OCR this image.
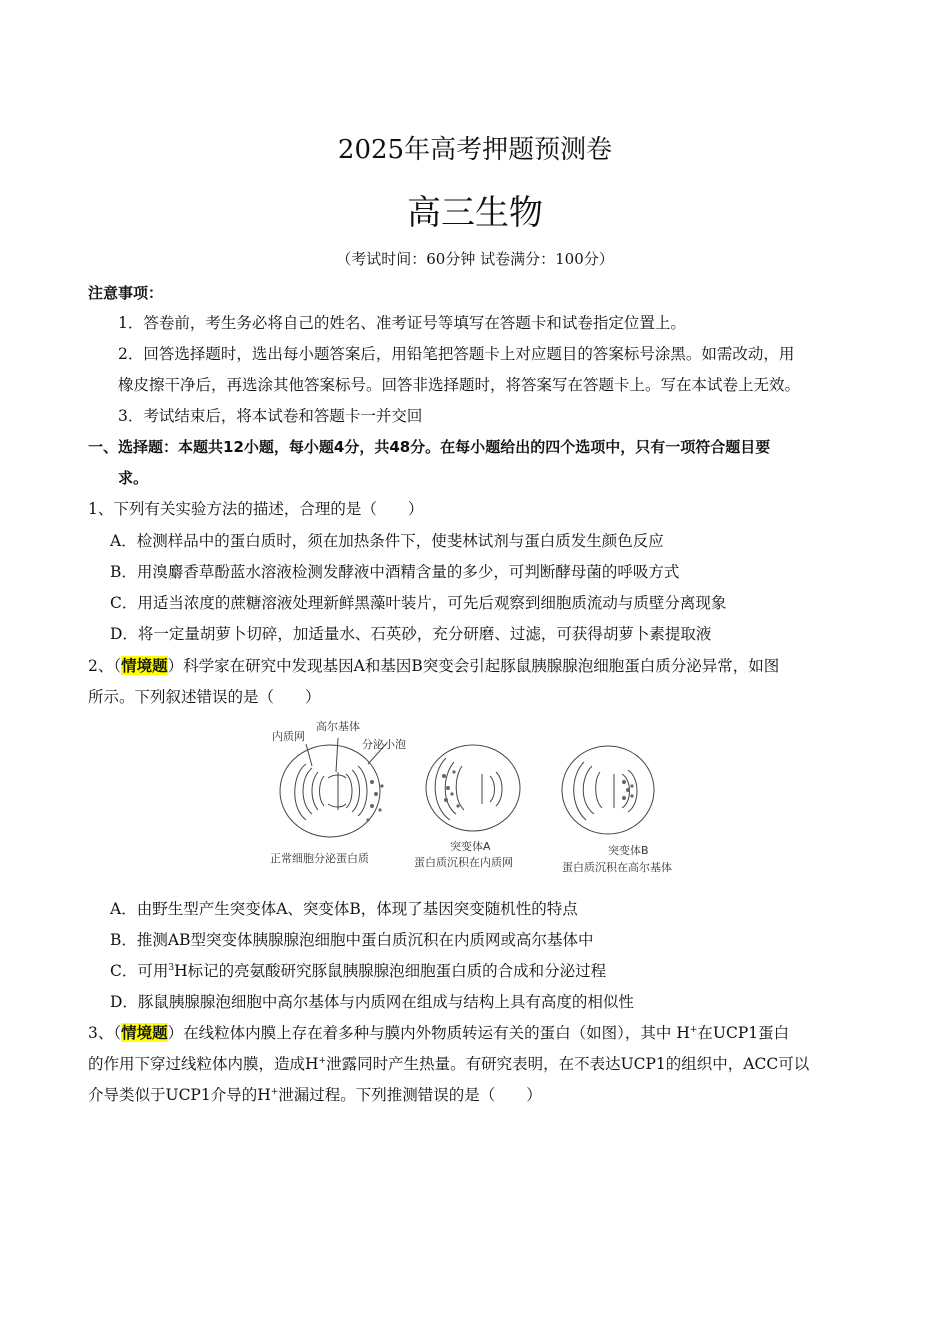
2025年高考押题预测卷
高三生物
（考试时间：60分钟 试卷满分：100分）
注意事项：
1．答卷前，考生务必将自己的姓名、准考证号等填写在答题卡和试卷指定位置上。
2．回答选择题时，选出每小题答案后，用铅笔把答题卡上对应题目的答案标号涂黑。如需改动，用
橡皮擦干净后，再选涂其他答案标号。回答非选择题时，将答案写在答题卡上。写在本试卷上无效。
3．考试结束后，将本试卷和答题卡一并交回
一、选择题：本题共12小题，每小题4分，共48分。在每小题给出的四个选项中，只有一项符合题目要
求。
1、下列有关实验方法的描述，合理的是（　　）
A．检测样品中的蛋白质时，须在加热条件下，使斐林试剂与蛋白质发生颜色反应
B．用溴麝香草酚蓝水溶液检测发酵液中酒精含量的多少，可判断酵母菌的呼吸方式
C．用适当浓度的蔗糖溶液处理新鲜黑藻叶装片，可先后观察到细胞质流动与质壁分离现象
D．将一定量胡萝卜切碎，加适量水、石英砂，充分研磨、过滤，可获得胡萝卜素提取液
2、（情境题）科学家在研究中发现基因A和基因B突变会引起豚鼠胰腺腺泡细胞蛋白质分泌异常，如图
所示。下列叙述错误的是（　　）
内质网
高尔基体
分泌小泡
正常细胞分泌蛋白质
突变体A
蛋白质沉积在内质网
突变体B
蛋白质沉积在高尔基体
A．由野生型产生突变体A、突变体B，体现了基因突变随机性的特点
B．推测AB型突变体胰腺腺泡细胞中蛋白质沉积在内质网或高尔基体中
C．可用$^3$H标记的亮氨酸研究豚鼠胰腺腺泡细胞蛋白质的合成和分泌过程
D．豚鼠胰腺腺泡细胞中高尔基体与内质网在组成与结构上具有高度的相似性
3、（情境题）在线粒体内膜上存在着多种与膜内外物质转运有关的蛋白（如图），其中 H+在UCP1蛋白
的作用下穿过线粒体内膜，造成H+泄露同时产生热量。有研究表明，在不表达UCP1的组织中，ACC可以
介导类似于UCP1介导的H+泄漏过程。下列推测错误的是（　　）
